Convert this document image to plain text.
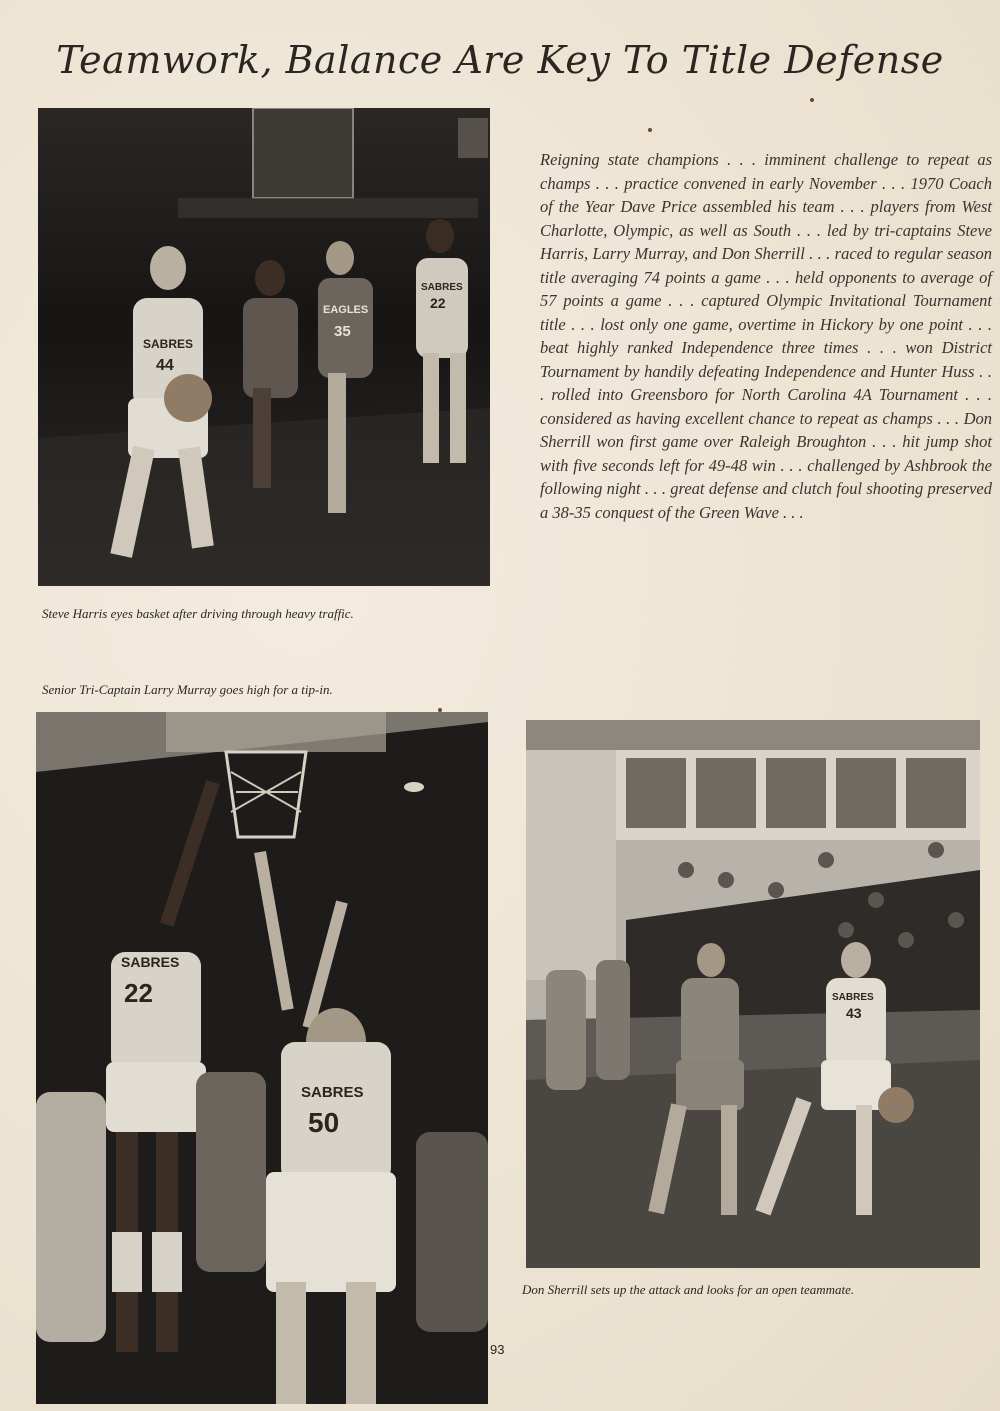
Teamwork, Balance Are Key To Title Defense
SABRES
44
EAGLES
35
SABRES
22
Steve Harris eyes basket after driving through heavy traffic.

Reigning state champions . . . imminent challenge to repeat as champs . . . practice convened in early November . . . 1970 Coach of the Year Dave Price assembled his team . . . players from West Charlotte, Olympic, as well as South . . . led by tri-captains Steve Harris, Larry Murray, and Don Sherrill . . . raced to regular season title averaging 74 points a game . . . held opponents to average of 57 points a game . . . captured Olympic Invitational Tournament title . . . lost only one game, overtime in Hickory by one point . . . beat highly ranked Independence three times . . . won District Tournament by handily defeating Independence and Hunter Huss . . . rolled into Greensboro for North Carolina 4A Tournament . . . considered as having excellent chance to repeat as champs . . . Don Sherrill won first game over Raleigh Broughton . . . hit jump shot with five seconds left for 49-48 win . . . challenged by Ashbrook the following night . . . great defense and clutch foul shooting preserved a 38-35 conquest of the Green Wave . . .

Senior Tri-Captain Larry Murray goes high for a tip-in.
SABRES
22
SABRES
50
SABRES
43
Don Sherrill sets up the attack and looks for an open teammate.
93
